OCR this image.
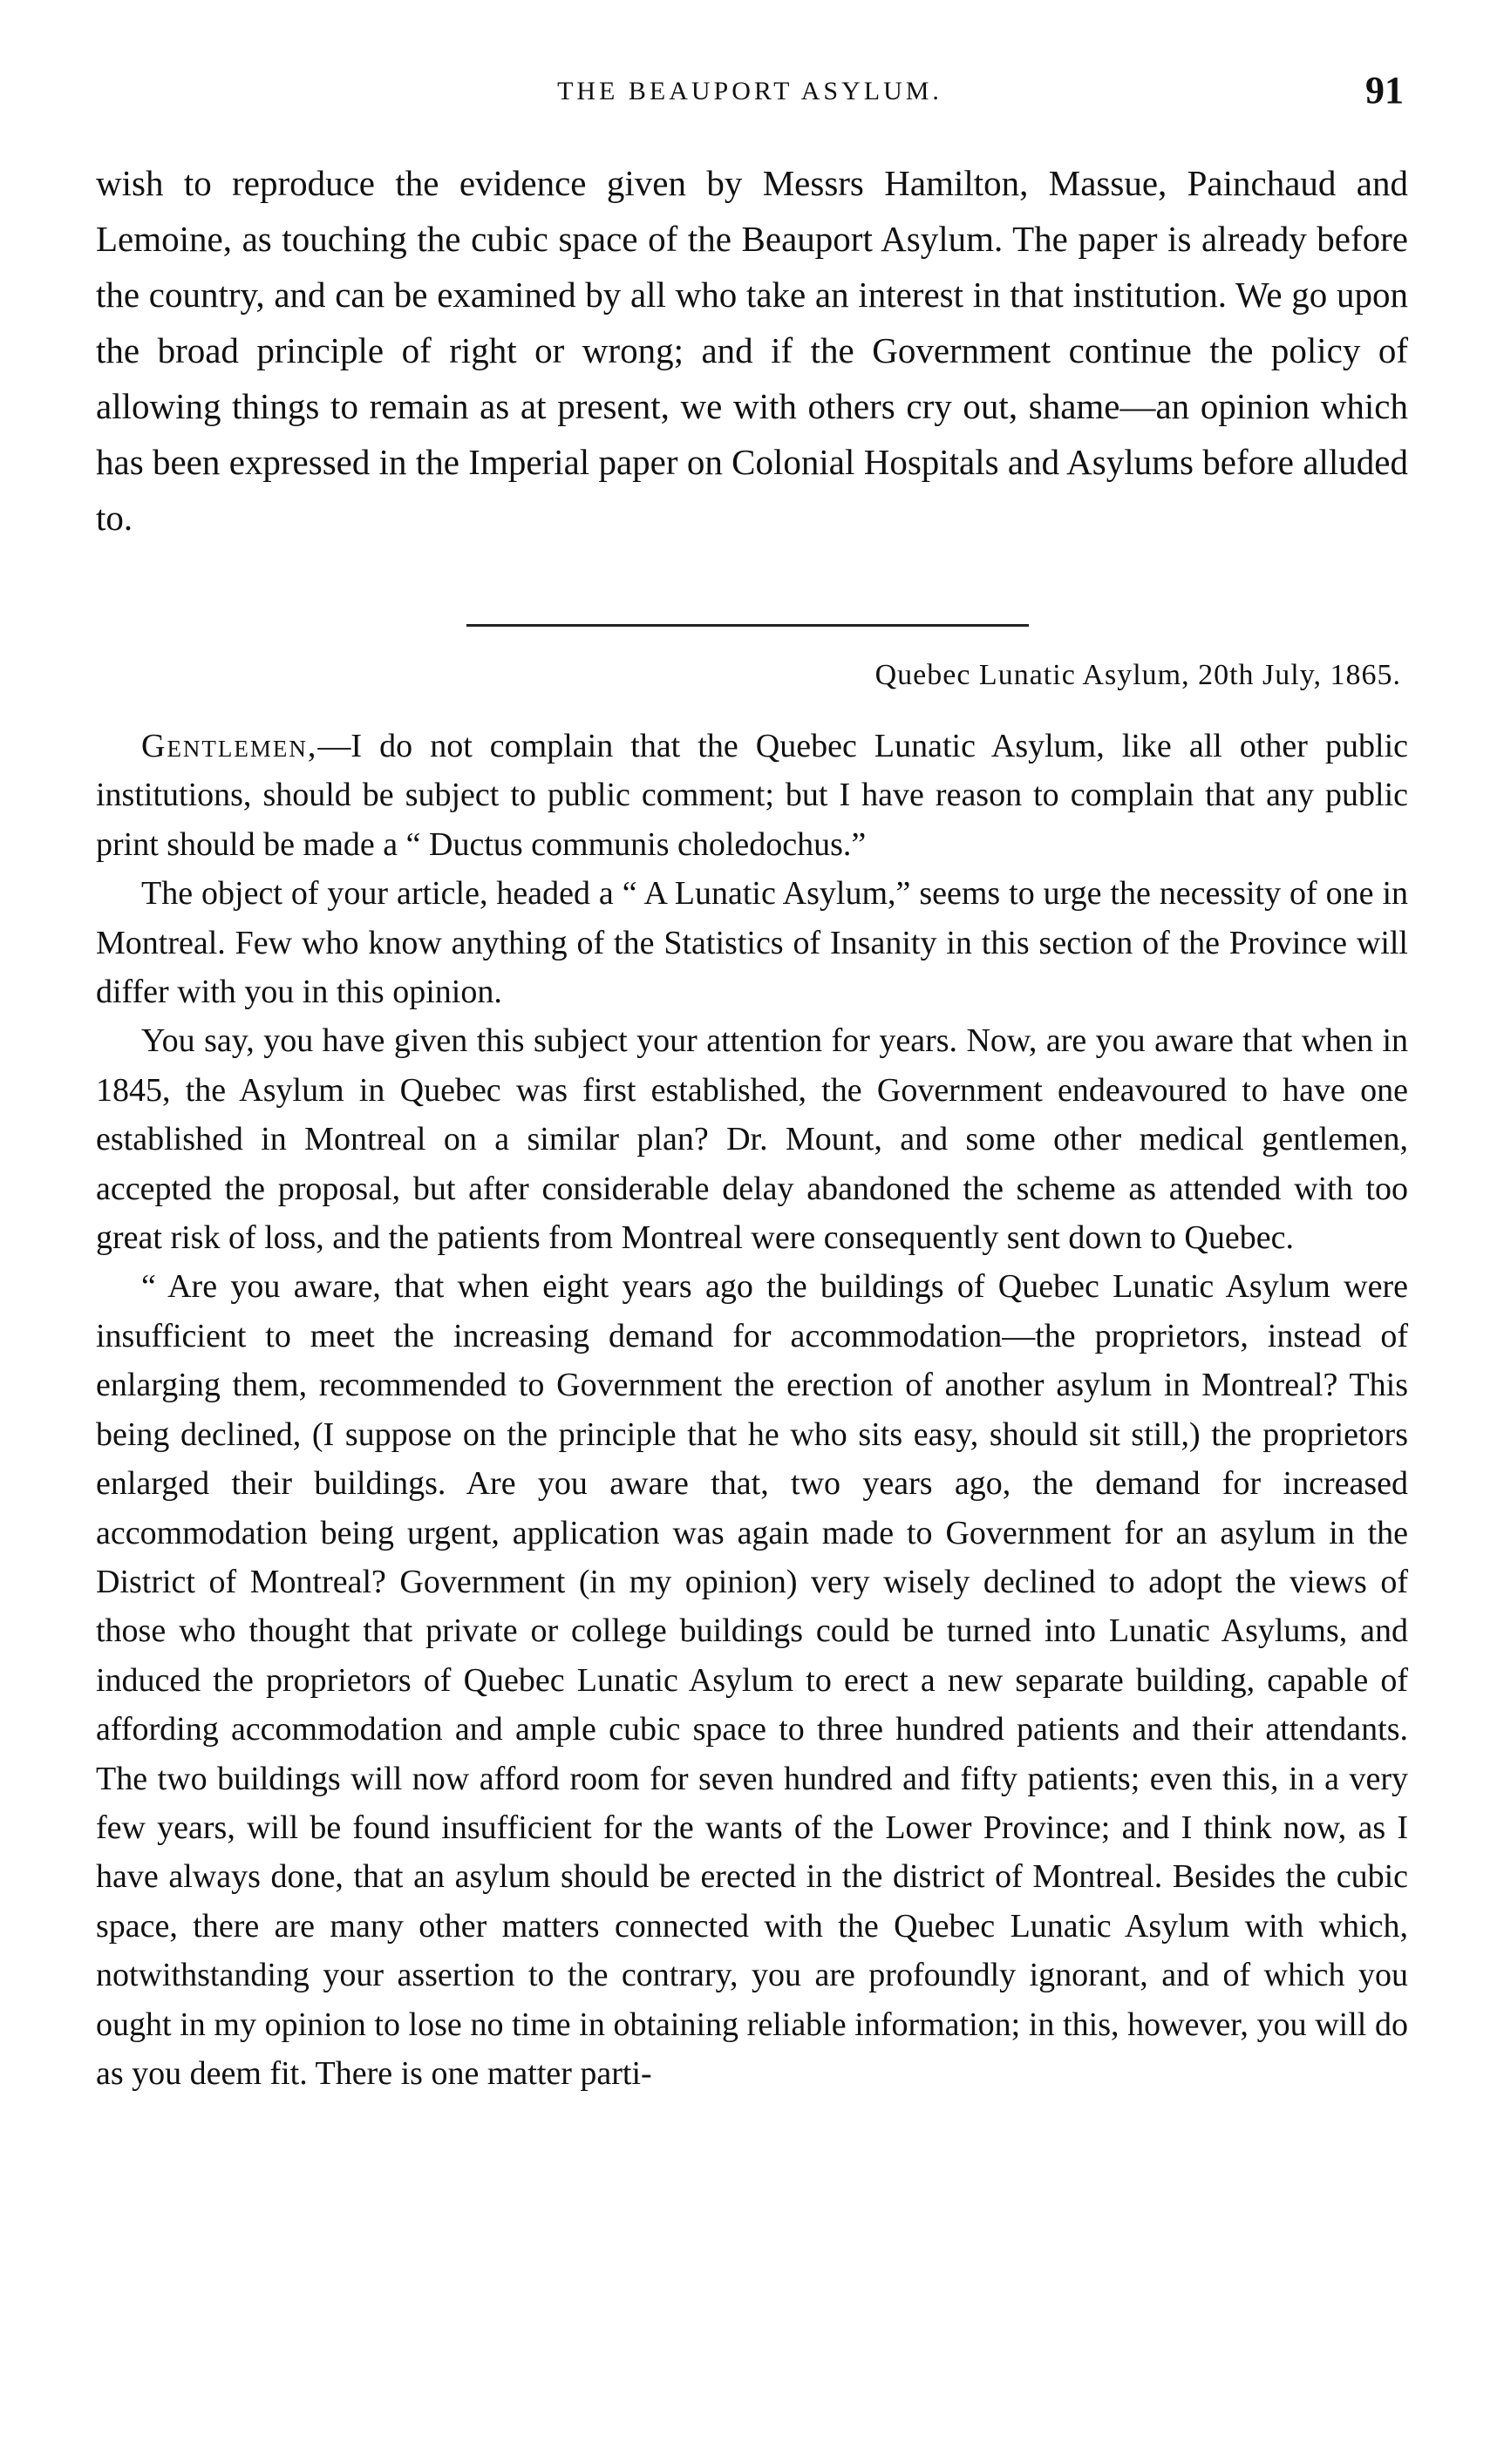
THE BEAUPORT ASYLUM.	91

wish to reproduce the evidence given by Messrs Hamilton, Massue, Painchaud and Lemoine, as touching the cubic space of the Beauport Asylum. The paper is already before the country, and can be examined by all who take an interest in that institution. We go upon the broad principle of right or wrong; and if the Government continue the policy of allowing things to remain as at present, we with others cry out, shame—an opinion which has been expressed in the Imperial paper on Colonial Hospitals and Asylums before alluded to.

Quebec Lunatic Asylum, 20th July, 1865.

Gentlemen,—I do not complain that the Quebec Lunatic Asylum, like all other public institutions, should be subject to public comment; but I have reason to complain that any public print should be made a “ Ductus communis choledochus.”

The object of your article, headed a “ A Lunatic Asylum,” seems to urge the necessity of one in Montreal. Few who know anything of the Statistics of Insanity in this section of the Province will differ with you in this opinion.

You say, you have given this subject your attention for years. Now, are you aware that when in 1845, the Asylum in Quebec was first established, the Government endeavoured to have one established in Montreal on a similar plan? Dr. Mount, and some other medical gentlemen, accepted the proposal, but after considerable delay abandoned the scheme as attended with too great risk of loss, and the patients from Montreal were consequently sent down to Quebec.

“ Are you aware, that when eight years ago the buildings of Quebec Lunatic Asylum were insufficient to meet the increasing demand for accommodation—the proprietors, instead of enlarging them, recommended to Government the erection of another asylum in Montreal? This being declined, (I suppose on the principle that he who sits easy, should sit still,) the proprietors enlarged their buildings. Are you aware that, two years ago, the demand for increased accommodation being urgent, application was again made to Government for an asylum in the District of Montreal? Government (in my opinion) very wisely declined to adopt the views of those who thought that private or college buildings could be turned into Lunatic Asylums, and induced the proprietors of Quebec Lunatic Asylum to erect a new separate building, capable of affording accommodation and ample cubic space to three hundred patients and their attendants. The two buildings will now afford room for seven hundred and fifty patients; even this, in a very few years, will be found insufficient for the wants of the Lower Province; and I think now, as I have always done, that an asylum should be erected in the district of Montreal. Besides the cubic space, there are many other matters connected with the Quebec Lunatic Asylum with which, notwithstanding your assertion to the contrary, you are profoundly ignorant, and of which you ought in my opinion to lose no time in obtaining reliable information; in this, however, you will do as you deem fit. There is one matter parti-
